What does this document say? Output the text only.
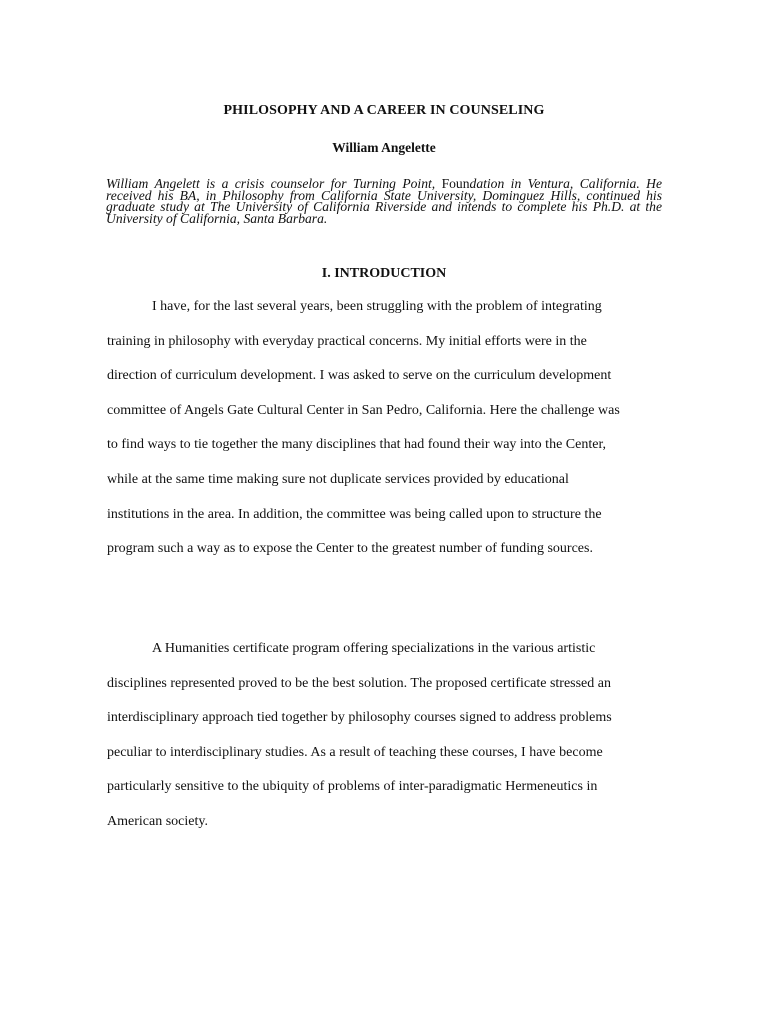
PHILOSOPHY AND A CAREER IN COUNSELING
William Angelette

William Angelett is a crisis counselor for Turning Point, Foundation in Ventura, California. He received his BA, in Philosophy from California State University, Dominguez Hills, continued his graduate study at The University of California Riverside and intends to complete his Ph.D. at the University of California, Santa Barbara.

I. INTRODUCTION
I have, for the last several years, been struggling with the problem of integrating
training in philosophy with everyday practical concerns. My initial efforts were in the
direction of curriculum development. I was asked to serve on the curriculum development
committee of Angels Gate Cultural Center in San Pedro, California. Here the challenge was
to find ways to tie together the many disciplines that had found their way into the Center,
while at the same time making sure not duplicate services provided by educational
institutions in the area. In addition, the committee was being called upon to structure the
program such a way as to expose the Center to the greatest number of funding sources.
A Humanities certificate program offering specializations in the various artistic
disciplines represented proved to be the best solution. The proposed certificate stressed an
interdisciplinary approach tied together by philosophy courses signed to address problems
peculiar to interdisciplinary studies. As a result of teaching these courses, I have become
particularly sensitive to the ubiquity of problems of inter-paradigmatic Hermeneutics in
American society.
